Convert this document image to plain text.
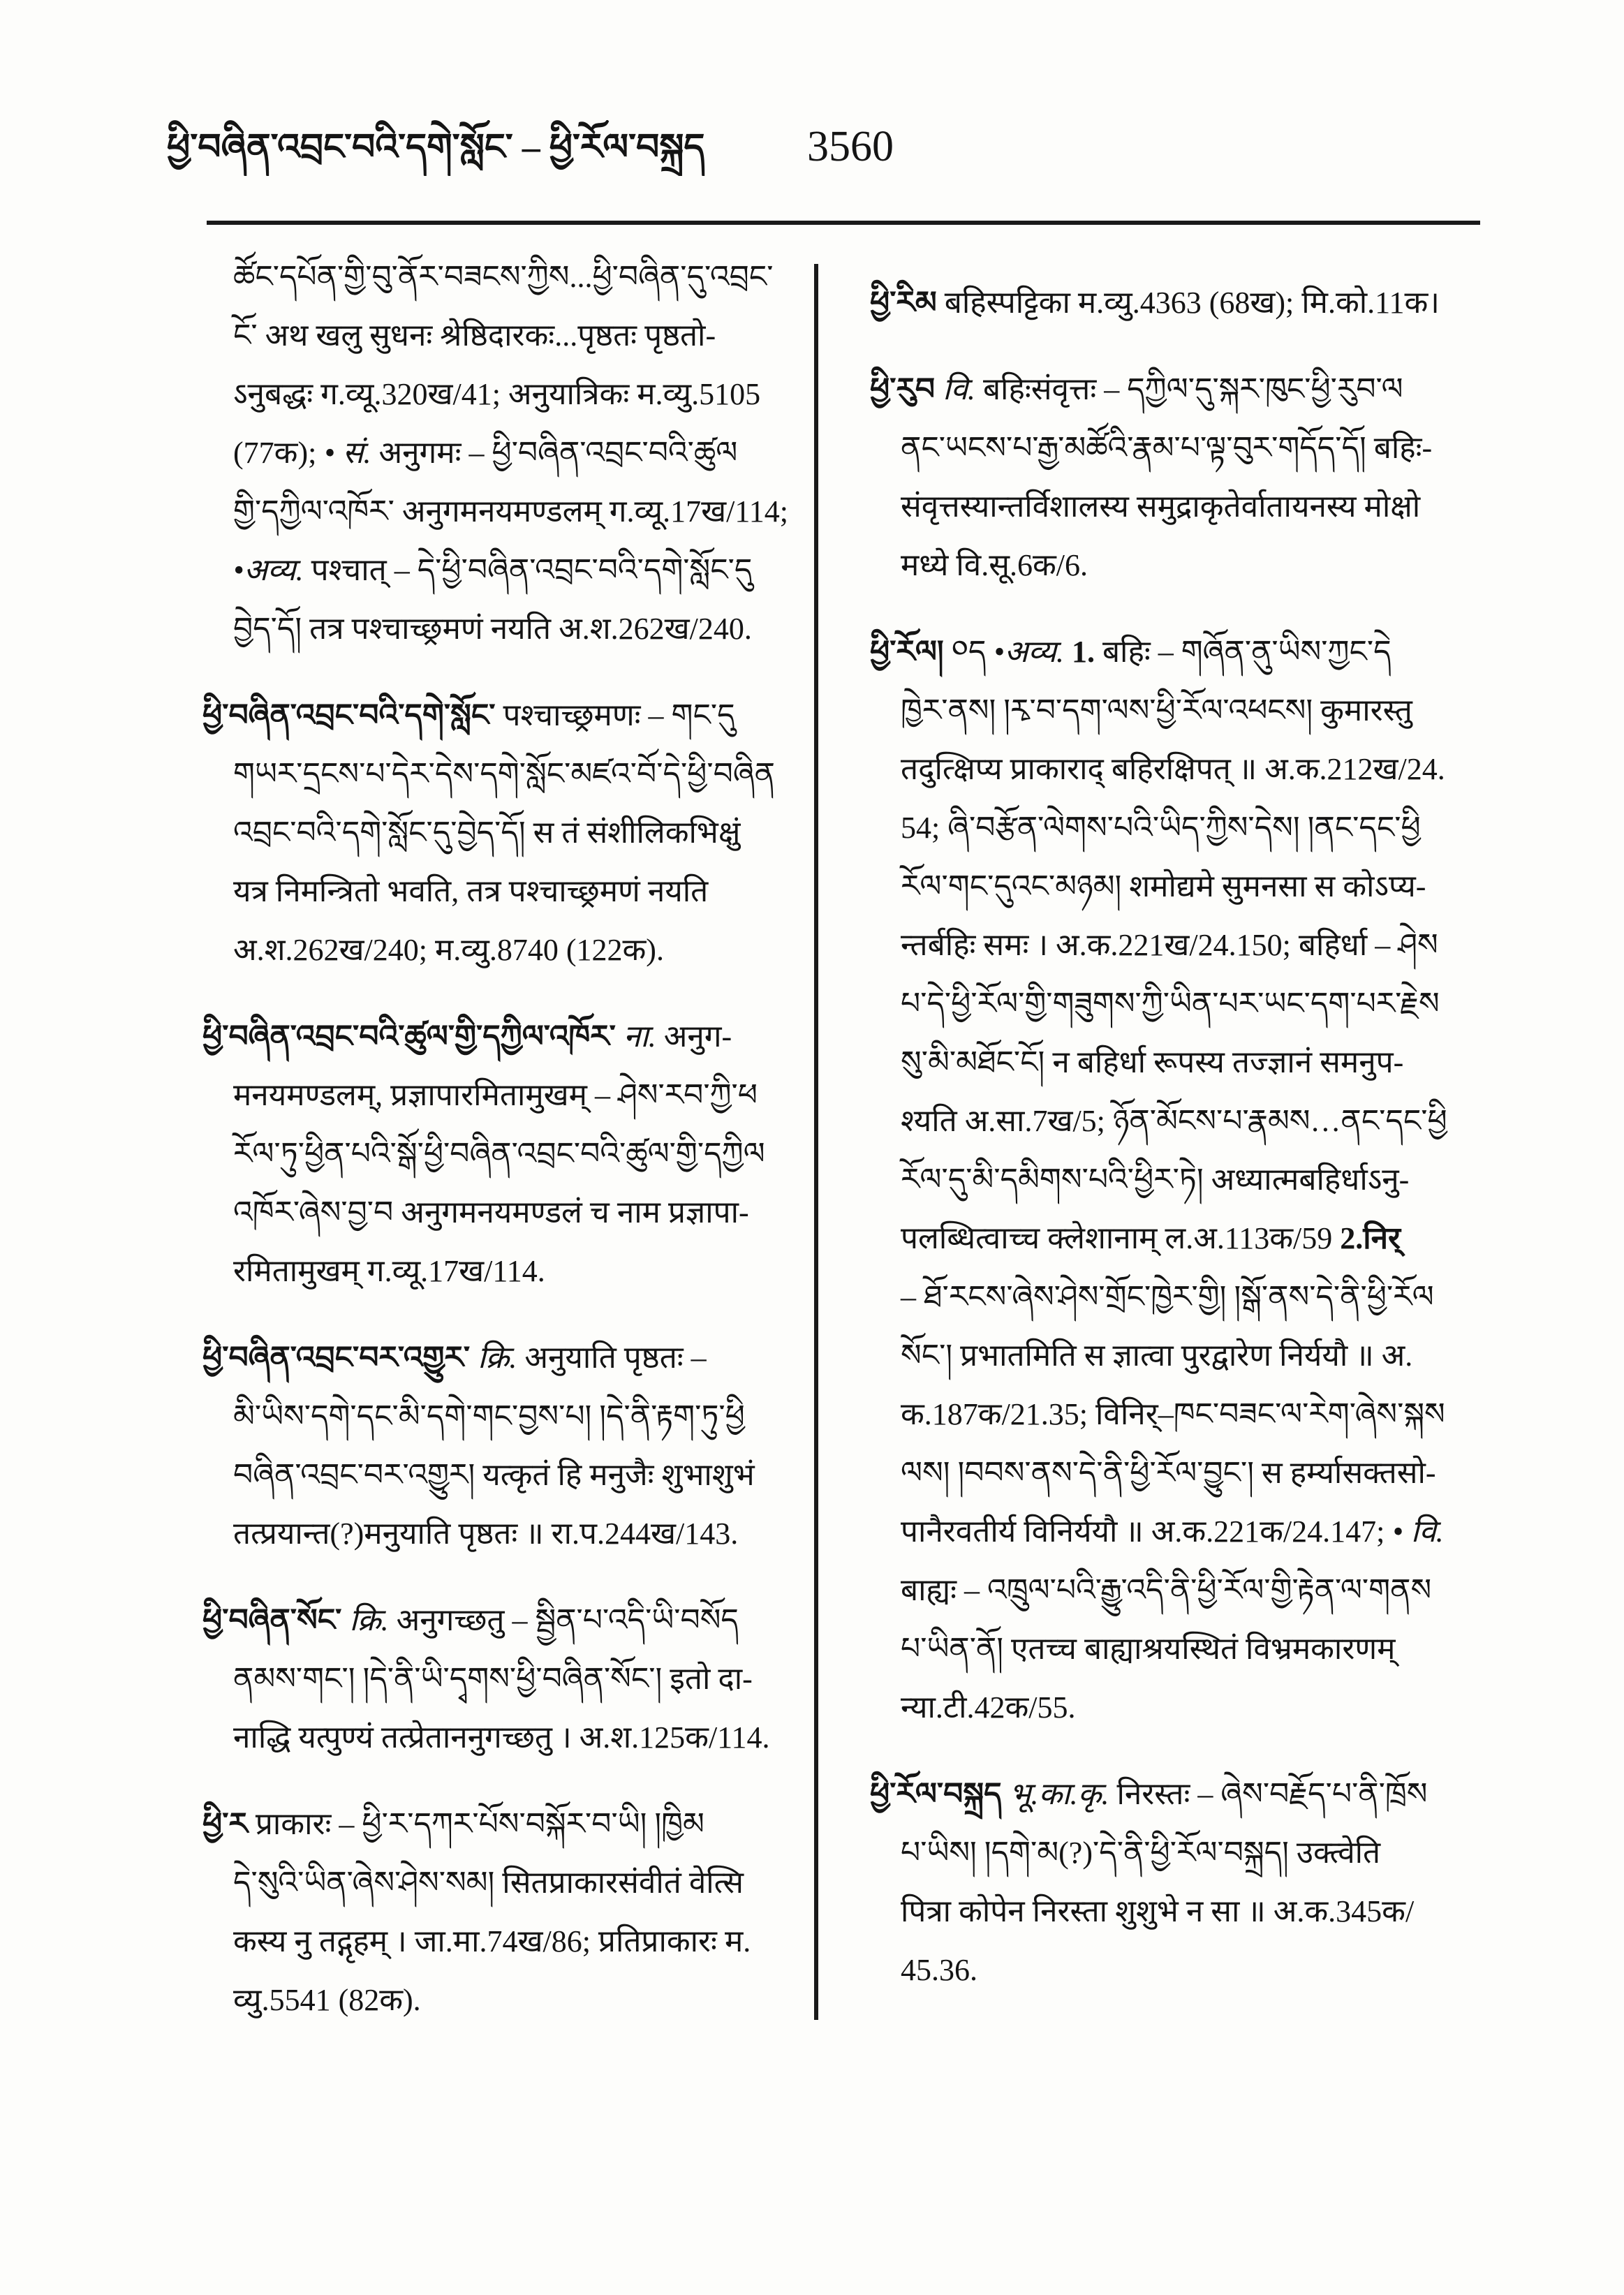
ཕྱི་བཞིན་འབྲང་བའི་དགེ་སློང་ – ཕྱི་རོལ་བསྐྲད	3560
ཚོང་དཔོན་གྱི་བུ་ནོར་བཟངས་ཀྱིས...ཕྱི་བཞིན་དུ་འབྲང་
ངོ་ अथ खलु सुधनः श्रेष्ठिदारकः...पृष्ठतः पृष्ठतो-
ऽनुबद्धः ग.व्यू.320ख/41; अनुयात्रिकः म.व्यु.5105
(77क); • सं. अनुगमः – ཕྱི་བཞིན་འབྲང་བའི་ཚུལ
གྱི་དཀྱིལ་འཁོར་ अनुगमनयमण्डलम् ग.व्यू.17ख/114;
•अव्य. पश्चात् – དེ་ཕྱི་བཞིན་འབྲང་བའི་དགེ་སློང་དུ
བྱེད་དོ། तत्र पश्चाच्छ्रमणं नयति अ.श.262ख/240.
ཕྱི་བཞིན་འབྲང་བའི་དགེ་སློང་ पश्चाच्छ्रमणः – གང་དུ
གཡར་དྲངས་པ་དེར་དེས་དགེ་སློང་མཛའ་བོ་དེ་ཕྱི་བཞིན
འབྲང་བའི་དགེ་སློང་དུ་བྱེད་དོ། स तं संशीलिकभिक्षुं
यत्र निमन्त्रितो भवति, तत्र पश्चाच्छ्रमणं नयति
अ.श.262ख/240; म.व्यु.8740 (122क).
ཕྱི་བཞིན་འབྲང་བའི་ཚུལ་གྱི་དཀྱིལ་འཁོར་ ना. अनुग-
मनयमण्डलम्, प्रज्ञापारमितामुखम् – ཤེས་རབ་ཀྱི་ཕ
རོལ་ཏུ་ཕྱིན་པའི་སྒོ་ཕྱི་བཞིན་འབྲང་བའི་ཚུལ་གྱི་དཀྱིལ
འཁོར་ཞེས་བྱ་བ अनुगमनयमण्डलं च नाम प्रज्ञापा-
रमितामुखम् ग.व्यू.17ख/114.
ཕྱི་བཞིན་འབྲང་བར་འགྱུར་ क्रि. अनुयाति पृष्ठतः –
མི་ཡིས་དགེ་དང་མི་དགེ་གང་བྱས་པ། །དེ་ནི་རྟག་ཏུ་ཕྱི
བཞིན་འབྲང་བར་འགྱུར། यत्कृतं हि मनुजैः शुभाशुभं
तत्प्रयान्त(?)मनुयाति पृष्ठतः ॥ रा.प.244ख/143.
ཕྱི་བཞིན་སོང་ क्रि. अनुगच्छतु – སྦྱིན་པ་འདི་ཡི་བསོད
ནམས་གང་། །དེ་ནི་ཡི་དྭགས་ཕྱི་བཞིན་སོང་། इतो दा-
नाद्धि यत्पुण्यं तत्प्रेताननुगच्छतु । अ.श.125क/114.
ཕྱི་ར प्राकारः – ཕྱི་ར་དཀར་པོས་བསྐོར་བ་ཡི། །ཁྱིམ
དེ་སུའི་ཡིན་ཞེས་ཤེས་སམ། सितप्राकारसंवीतं वेत्सि
कस्य नु तद्गृहम् । जा.मा.74ख/86; प्रतिप्राकारः म.
व्यु.5541 (82क).
ཕྱི་རིམ बहिस्पट्टिका म.व्यु.4363 (68ख); मि.को.11क।
ཕྱི་རུབ वि. बहिःसंवृत्तः – དཀྱིལ་དུ་སྐར་ཁུང་ཕྱི་རུབ་ལ
ནང་ཡངས་པ་རྒྱ་མཚོའི་རྣམ་པ་ལྟ་བུར་གདོད་དོ། बहिः-
संवृत्तस्यान्तर्विशालस्य समुद्राकृतेर्वातायनस्य मोक्षो
मध्ये वि.सू.6क/6.
ཕྱི་རོལ། ༠ད •अव्य. 1. बहिः – གཞོན་ནུ་ཡིས་ཀྱང་དེ
ཁྱེར་ནས། །རྭ་བ་དག་ལས་ཕྱི་རོལ་འཕངས། कुमारस्तु
तदुत्क्षिप्य प्राकाराद् बहिरक्षिपत् ॥ अ.क.212ख/24.
54; ཞི་བརྩོན་ལེགས་པའི་ཡིད་ཀྱིས་དེས། །ནང་དང་ཕྱི
རོལ་གང་དུའང་མཉམ། शमोद्यमे सुमनसा स कोऽप्य-
न्तर्बहिः समः । अ.क.221ख/24.150; बहिर्धा – ཤེས
པ་དེ་ཕྱི་རོལ་གྱི་གཟུགས་ཀྱི་ཡིན་པར་ཡང་དག་པར་རྗེས
སུ་མི་མཐོང་ངོ། न बहिर्धा रूपस्य तज्ज्ञानं समनुप-
श्यति अ.सा.7ख/5; ཉོན་མོངས་པ་རྣམས…ནང་དང་ཕྱི
རོལ་དུ་མི་དམིགས་པའི་ཕྱིར་ཏེ། अध्यात्मबहिर्धाऽनु-
पलब्धित्वाच्च क्लेशानाम् ल.अ.113क/59 2.निर्
– ཐོ་རངས་ཞེས་ཤེས་གྲོང་ཁྱེར་གྱི། །སྒོ་ནས་དེ་ནི་ཕྱི་རོལ
སོང་། प्रभातमिति स ज्ञात्वा पुरद्वारेण निर्ययौ ॥ अ.
क.187क/21.35; विनिर्–ཁང་བཟང་ལ་རེག་ཞེས་སྐས
ལས། །བབས་ནས་དེ་ནི་ཕྱི་རོལ་བྱུང་། स हर्म्यासक्तसो-
पानैरवतीर्य विनिर्ययौ ॥ अ.क.221क/24.147; • वि.
बाह्यः – འཁྲུལ་པའི་རྒྱུ་འདི་ནི་ཕྱི་རོལ་གྱི་རྟེན་ལ་གནས
པ་ཡིན་ནོ། एतच्च बाह्याश्रयस्थितं विभ्रमकारणम्
न्या.टी.42क/55.
ཕྱི་རོལ་བསྐྲད भू.का.कृ. निरस्तः – ཞེས་བརྗོད་པ་ནི་ཁྲོས
པ་ཡིས། །དགེ་མ(?)་དེ་ནི་ཕྱི་རོལ་བསྐྲད། उक्त्वेति
पित्रा कोपेन निरस्ता शुशुभे न सा ॥ अ.क.345क/
45.36.
